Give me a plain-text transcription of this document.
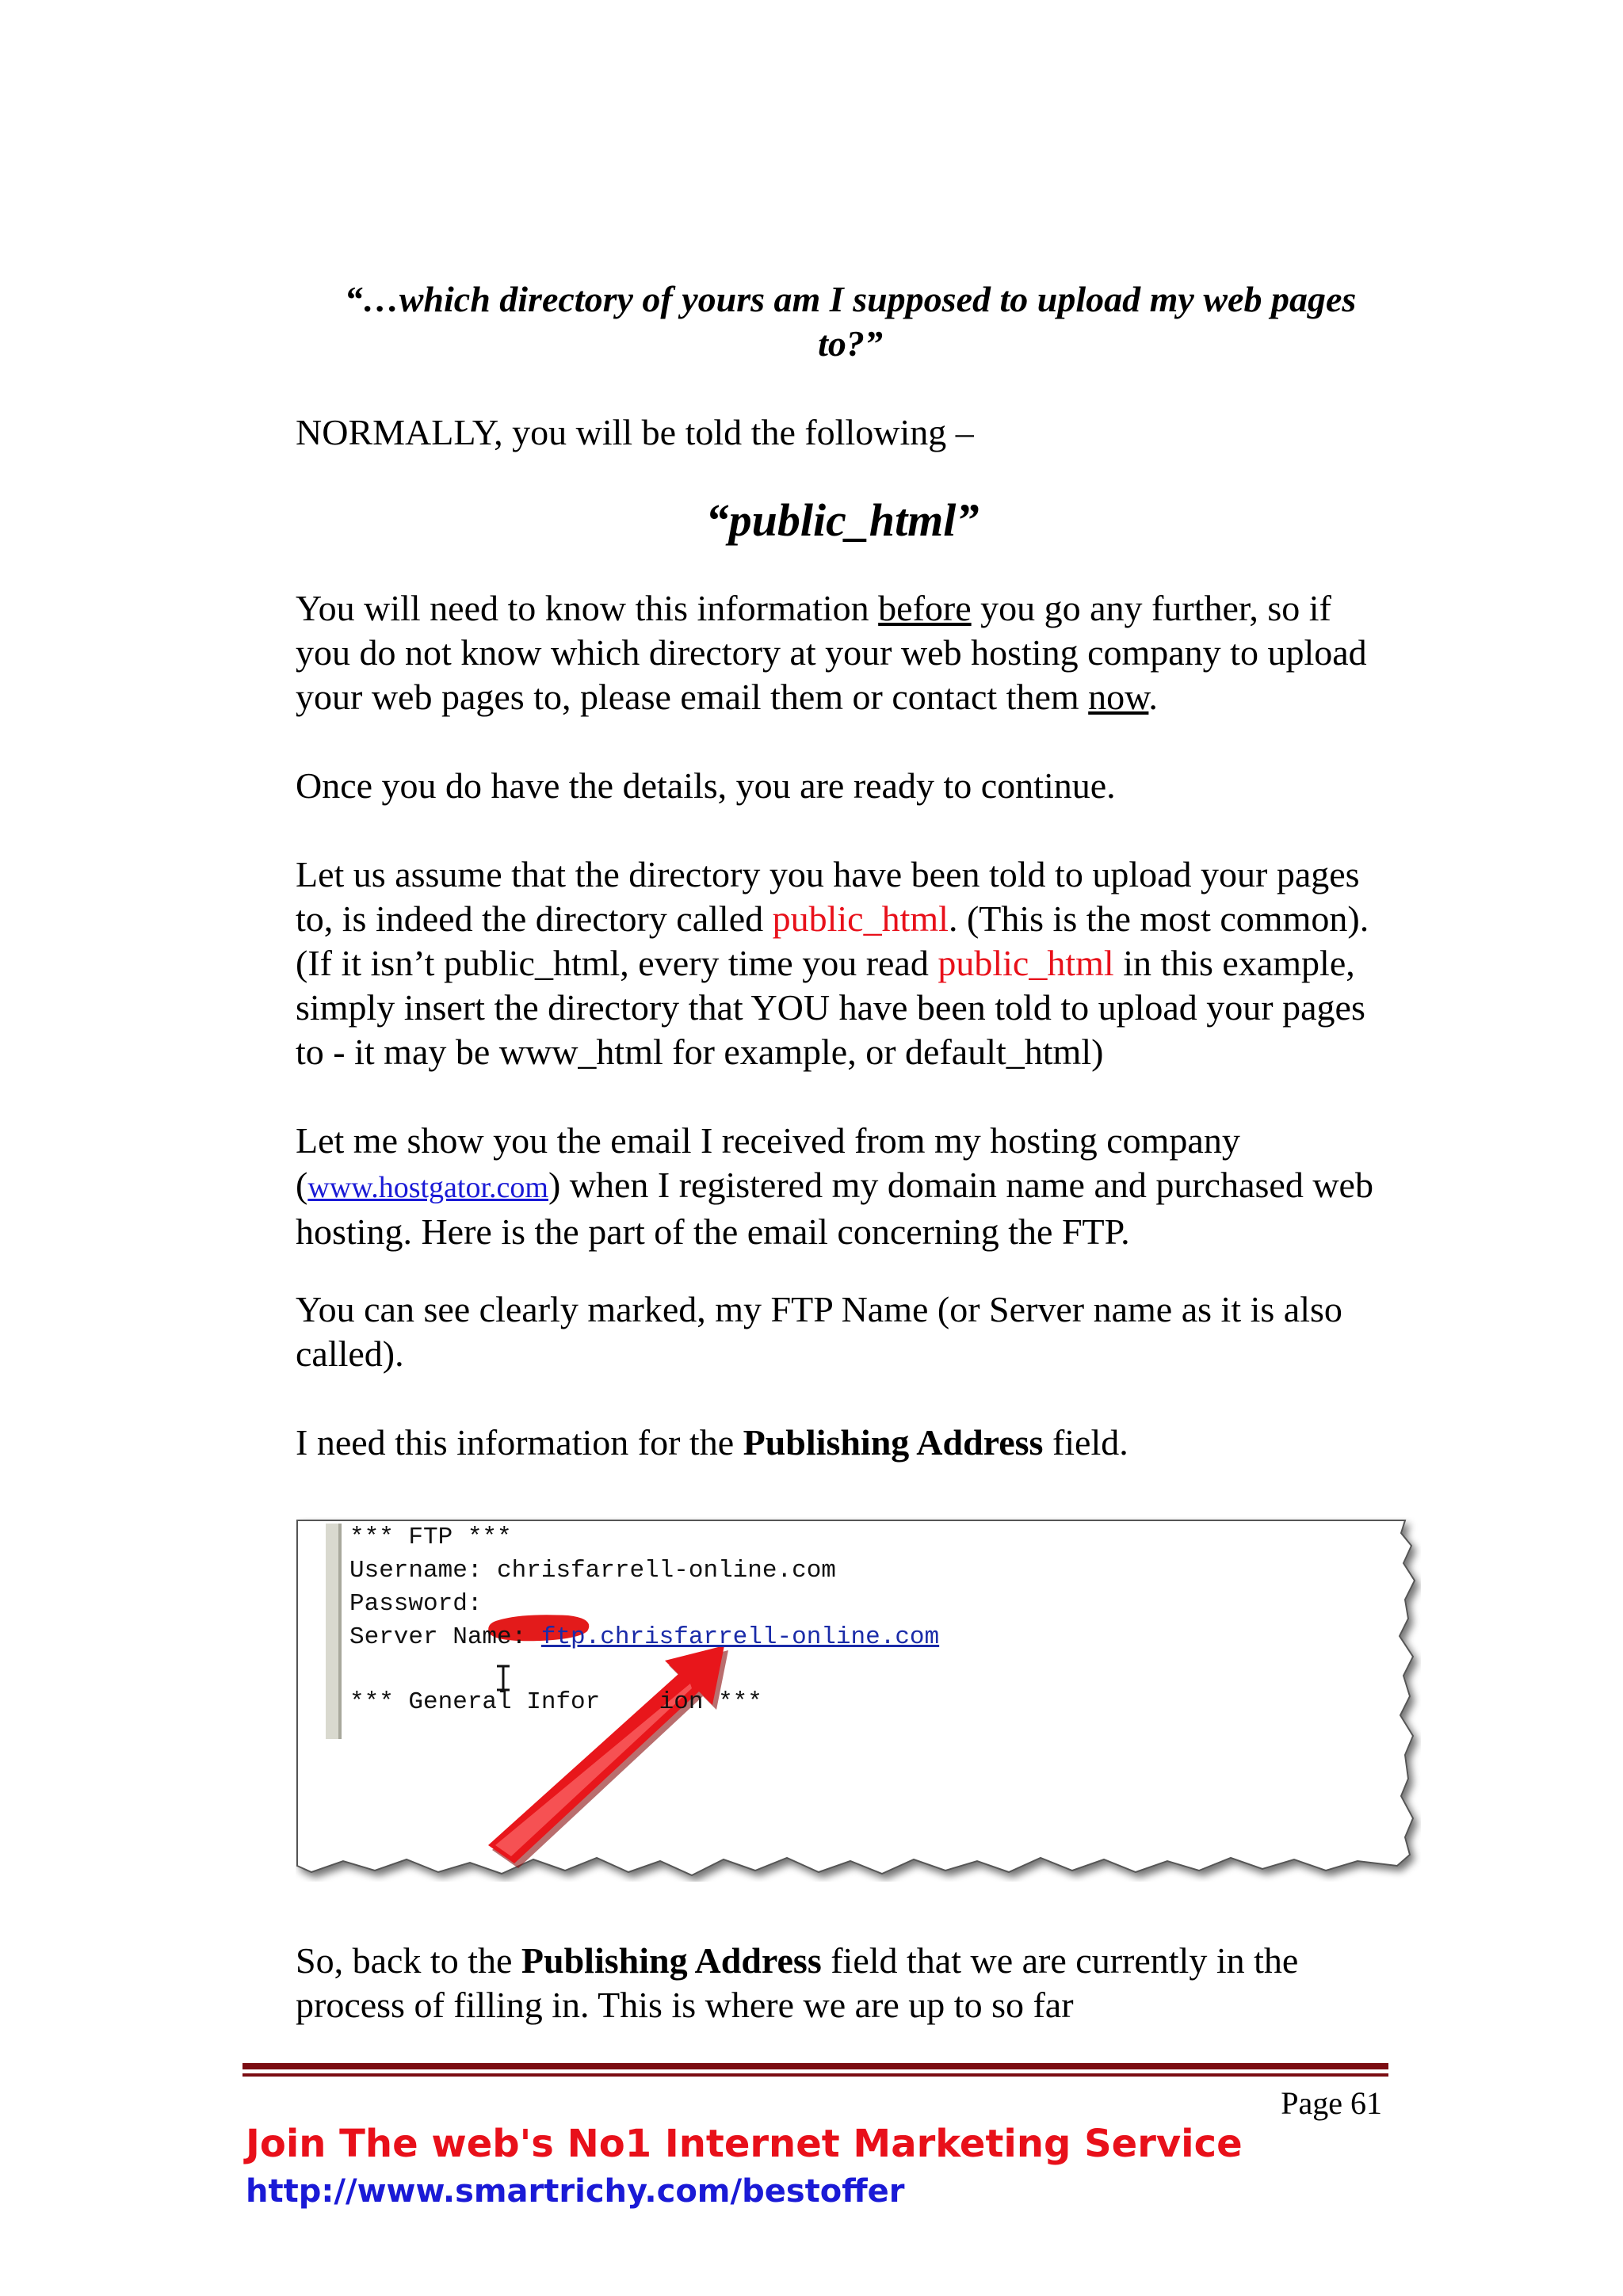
“…which directory of yours am I supposed to upload my web pages
to?”
NORMALLY, you will be told the following –
“public_html”
You will need to know this information before you go any further, so if you do not know which directory at your web hosting company to upload your web pages to, please email them or contact them now.
Once you do have the details, you are ready to continue.
Let us assume that the directory you have been told to upload your pages to, is indeed the directory called public_html. (This is the most common). (If it isn’t public_html, every time you read public_html in this example, simply insert the directory that YOU have been told to upload your pages to - it may be www_html for example, or default_html)
Let me show you the email I received from my hosting company (www.hostgator.com) when I registered my domain name and purchased web hosting. Here is the part of the email concerning the FTP.
You can see clearly marked, my FTP Name (or Server name as it is also called).
I need this information for the Publishing Address field.
*** FTP ***
Username: chrisfarrell-online.com
Password:
Server Name: ftp.chrisfarrell-online.com
*** General Infor    ion ***
So, back to the Publishing Address field that we are currently in the process of filling in. This is where we are up to so far
Page 61
Join The web's No1 Internet Marketing Service
http://www.smartrichy.com/bestoffer
